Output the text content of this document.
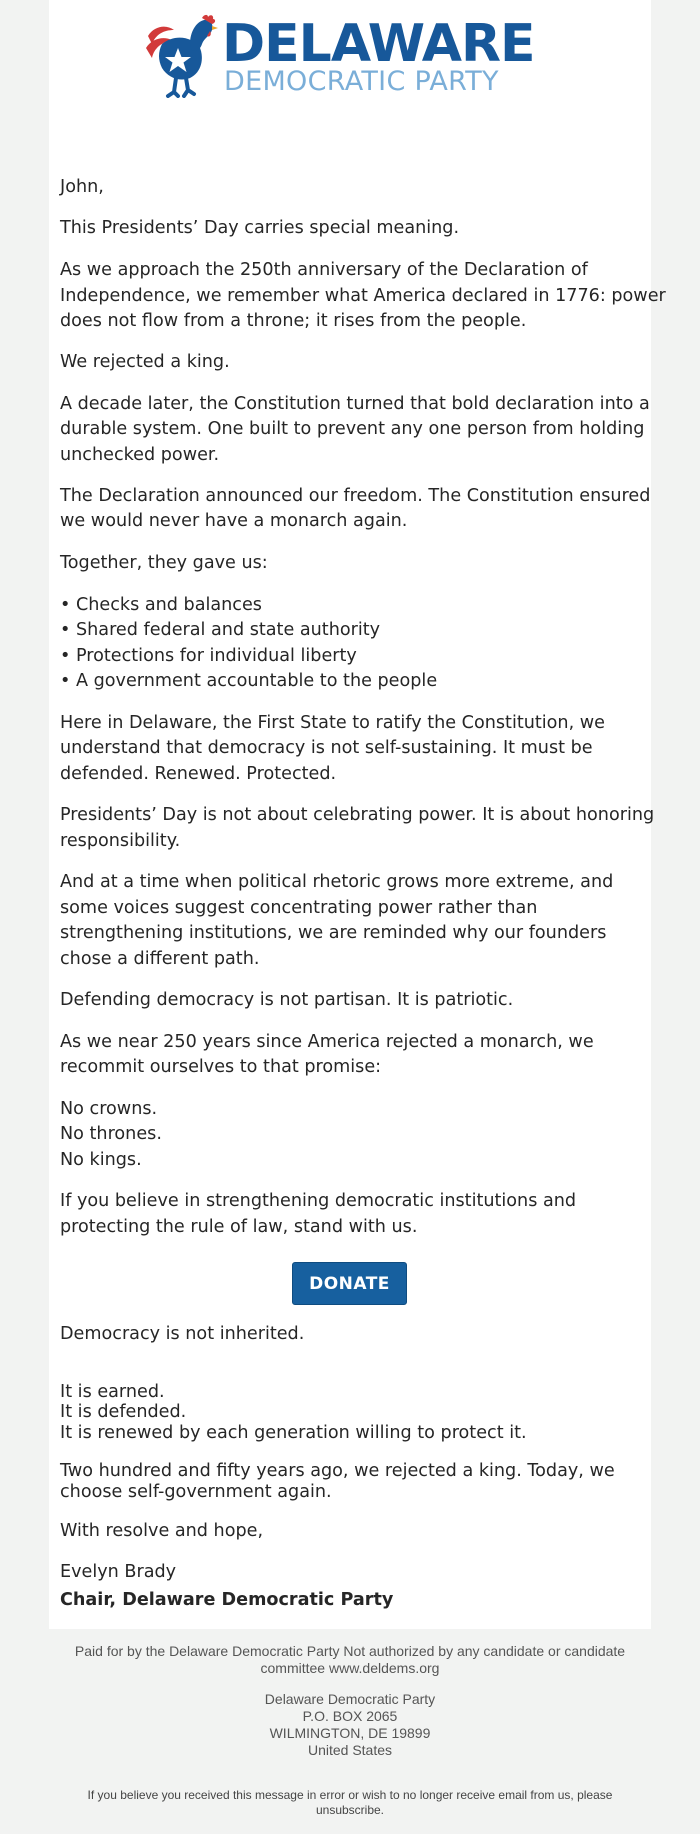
DELAWARE
DEMOCRATIC PARTY
John,
This Presidents’ Day carries special meaning.
As we approach the 250th anniversary of the Declaration of
Independence, we remember what America declared in 1776: power
does not flow from a throne; it rises from the people.
We rejected a king.
A decade later, the Constitution turned that bold declaration into a
durable system. One built to prevent any one person from holding
unchecked power.
The Declaration announced our freedom. The Constitution ensured
we would never have a monarch again.
Together, they gave us:
• Checks and balances
• Shared federal and state authority
• Protections for individual liberty
• A government accountable to the people
Here in Delaware, the First State to ratify the Constitution, we
understand that democracy is not self-sustaining. It must be
defended. Renewed. Protected.
Presidents’ Day is not about celebrating power. It is about honoring
responsibility.
And at a time when political rhetoric grows more extreme, and
some voices suggest concentrating power rather than
strengthening institutions, we are reminded why our founders
chose a different path.
Defending democracy is not partisan. It is patriotic.
As we near 250 years since America rejected a monarch, we
recommit ourselves to that promise:
No crowns.
No thrones.
No kings.
If you believe in strengthening democratic institutions and
protecting the rule of law, stand with us.
DONATE
Democracy is not inherited.
It is earned.
It is defended.
It is renewed by each generation willing to protect it.
Two hundred and fifty years ago, we rejected a king. Today, we
choose self-government again.
With resolve and hope,
Evelyn Brady
Chair, Delaware Democratic Party
Paid for by the Delaware Democratic Party Not authorized by any candidate or candidate
committee www.deldems.org
Delaware Democratic Party
P.O. BOX 2065
WILMINGTON, DE 19899
United States
If you believe you received this message in error or wish to no longer receive email from us, please
unsubscribe.
